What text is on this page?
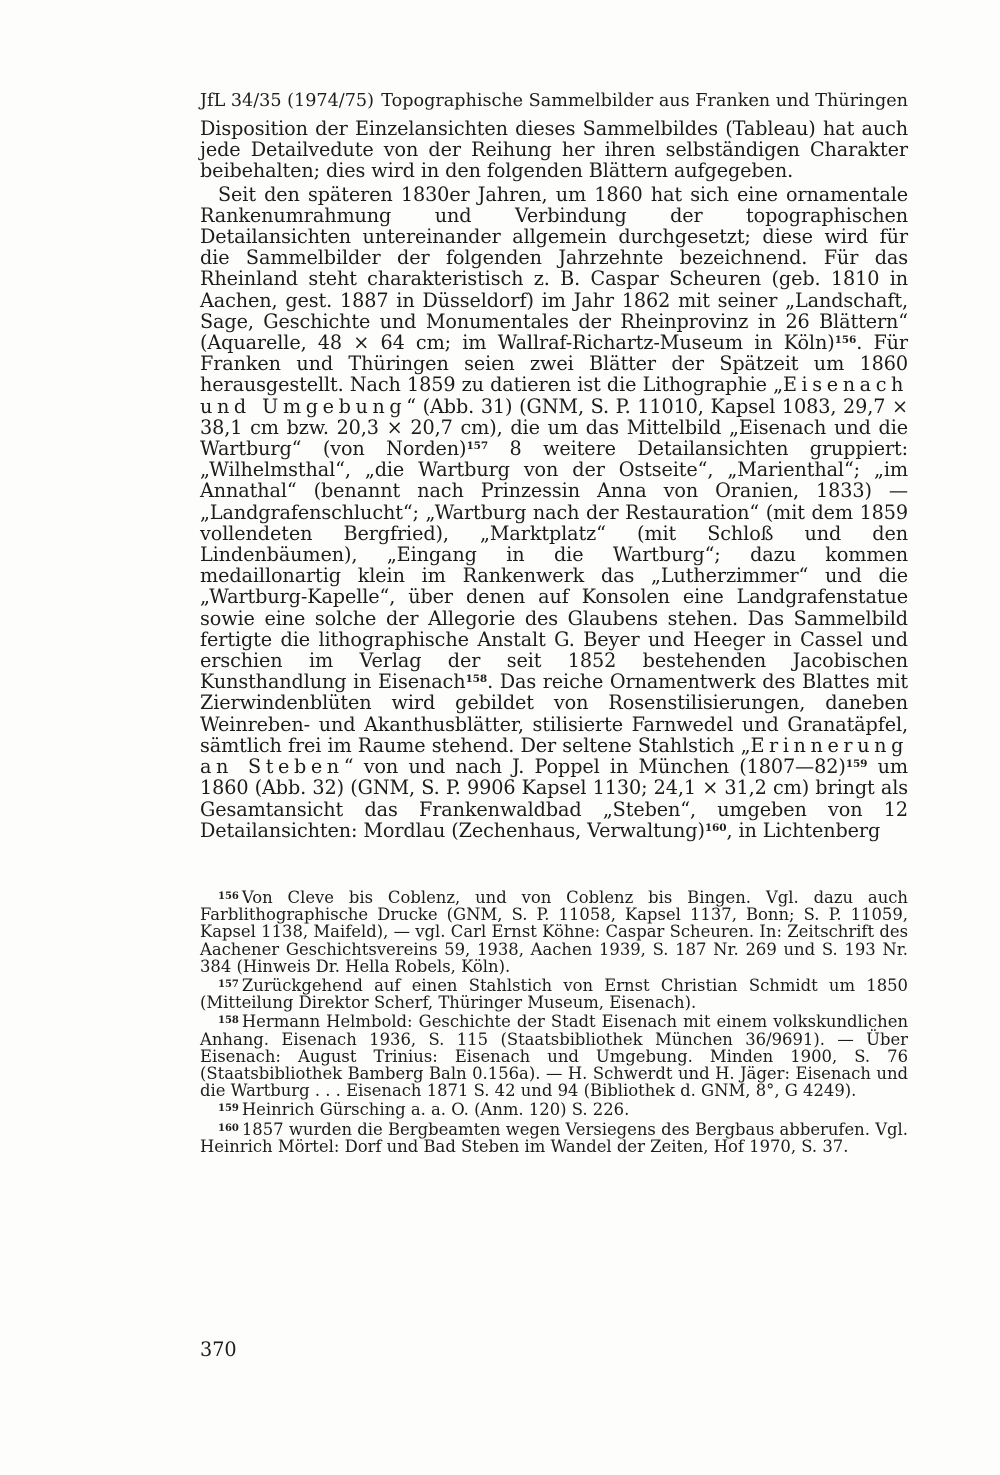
JfL 34/35 (1974/75) Topographische Sammelbilder aus Franken und Thüringen

Disposition der Einzelansichten dieses Sammelbildes (Tableau) hat auch jede Detailvedute von der Reihung her ihren selbständigen Charakter beibehalten; dies wird in den folgenden Blättern aufgegeben.

Seit den späteren 1830er Jahren, um 1860 hat sich eine ornamentale Rankenumrahmung und Verbindung der topographischen Detailansichten untereinander allgemein durchgesetzt; diese wird für die Sammelbilder der folgenden Jahrzehnte bezeichnend. Für das Rheinland steht charakteristisch z. B. Caspar Scheuren (geb. 1810 in Aachen, gest. 1887 in Düsseldorf) im Jahr 1862 mit seiner „Landschaft, Sage, Geschichte und Monumentales der Rheinprovinz in 26 Blättern“ (Aquarelle, 48 × 64 cm; im Wallraf-Richartz-Museum in Köln)$^{156}$. Für Franken und Thüringen seien zwei Blätter der Spätzeit um 1860 herausgestellt. Nach 1859 zu datieren ist die Lithographie „Eisenach und Umgebung“ (Abb. 31) (GNM, S. P. 11010, Kapsel 1083, 29,7 × 38,1 cm bzw. 20,3 × 20,7 cm), die um das Mittelbild „Eisenach und die Wartburg“ (von Norden)$^{157}$ 8 weitere Detailansichten gruppiert: „Wilhelmsthal“, „die Wartburg von der Ostseite“, „Marienthal“; „im Annathal“ (benannt nach Prinzessin Anna von Oranien, 1833) — „Landgrafenschlucht“; „Wartburg nach der Restauration“ (mit dem 1859 vollendeten Bergfried), „Marktplatz“ (mit Schloß und den Lindenbäumen), „Eingang in die Wartburg“; dazu kommen medaillonartig klein im Rankenwerk das „Lutherzimmer“ und die „Wartburg-Kapelle“, über denen auf Konsolen eine Landgrafenstatue sowie eine solche der Allegorie des Glaubens stehen. Das Sammelbild fertigte die lithographische Anstalt G. Beyer und Heeger in Cassel und erschien im Verlag der seit 1852 bestehenden Jacobischen Kunsthandlung in Eisenach$^{158}$. Das reiche Ornamentwerk des Blattes mit Zierwindenblüten wird gebildet von Rosenstilisierungen, daneben Weinreben- und Akanthusblätter, stilisierte Farnwedel und Granatäpfel, sämtlich frei im Raume stehend. Der seltene Stahlstich „Erinnerung an Steben“ von und nach J. Poppel in München (1807—82)$^{159}$ um 1860 (Abb. 32) (GNM, S. P. 9906 Kapsel 1130; 24,1 × 31,2 cm) bringt als Gesamtansicht das Frankenwaldbad „Steben“, umgeben von 12 Detailansichten: Mordlau (Zechenhaus, Verwaltung)$^{160}$, in Lichtenberg

$^{156}$ Von Cleve bis Coblenz, und von Coblenz bis Bingen. Vgl. dazu auch Farblithographische Drucke (GNM, S. P. 11058, Kapsel 1137, Bonn; S. P. 11059, Kapsel 1138, Maifeld), — vgl. Carl Ernst Köhne: Caspar Scheuren. In: Zeitschrift des Aachener Geschichtsvereins 59, 1938, Aachen 1939, S. 187 Nr. 269 und S. 193 Nr. 384 (Hinweis Dr. Hella Robels, Köln).

$^{157}$ Zurückgehend auf einen Stahlstich von Ernst Christian Schmidt um 1850 (Mitteilung Direktor Scherf, Thüringer Museum, Eisenach).

$^{158}$ Hermann Helmbold: Geschichte der Stadt Eisenach mit einem volkskundlichen Anhang. Eisenach 1936, S. 115 (Staatsbibliothek München 36/9691). — Über Eisenach: August Trinius: Eisenach und Umgebung. Minden 1900, S. 76 (Staatsbibliothek Bamberg Baln 0.156a). — H. Schwerdt und H. Jäger: Eisenach und die Wartburg . . . Eisenach 1871 S. 42 und 94 (Bibliothek d. GNM, 8°, G 4249).

$^{159}$ Heinrich Gürsching a. a. O. (Anm. 120) S. 226.

$^{160}$ 1857 wurden die Bergbeamten wegen Versiegens des Bergbaus abberufen. Vgl. Heinrich Mörtel: Dorf und Bad Steben im Wandel der Zeiten, Hof 1970, S. 37.

370
